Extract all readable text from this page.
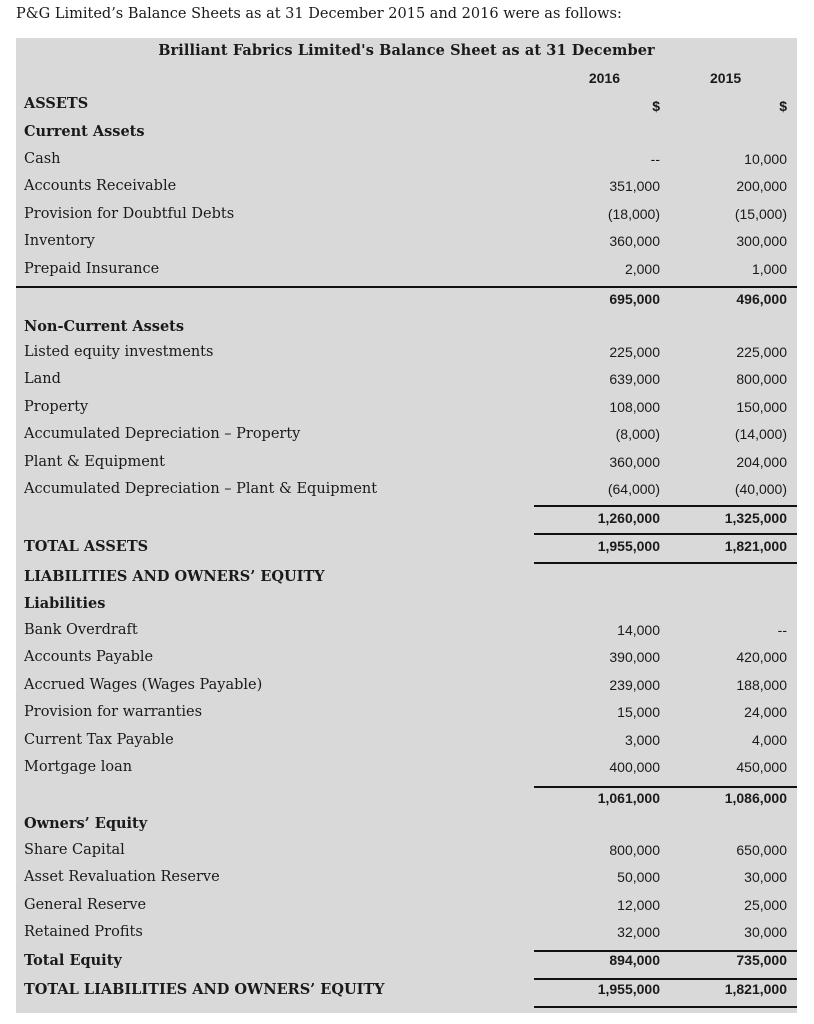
P&G Limited’s Balance Sheets as at 31 December 2015 and 2016 were as follows:

Brilliant Fabrics Limited's Balance Sheet as at 31 December
2016	2015
$	$
ASSETS
Current Assets
Cash	--	10,000
Accounts Receivable	351,000	200,000
Provision for Doubtful Debts	(18,000)	(15,000)
Inventory	360,000	300,000
Prepaid Insurance	2,000	1,000
695,000	496,000
Non-Current Assets
Listed equity investments	225,000	225,000
Land	639,000	800,000
Property	108,000	150,000
Accumulated Depreciation – Property	(8,000)	(14,000)
Plant & Equipment	360,000	204,000
Accumulated Depreciation – Plant & Equipment	(64,000)	(40,000)
1,260,000	1,325,000
TOTAL ASSETS	1,955,000	1,821,000
LIABILITIES AND OWNERS’ EQUITY
Liabilities
Bank Overdraft	14,000	--
Accounts Payable	390,000	420,000
Accrued Wages (Wages Payable)	239,000	188,000
Provision for warranties	15,000	24,000
Current Tax Payable	3,000	4,000
Mortgage loan	400,000	450,000
1,061,000	1,086,000
Owners’ Equity
Share Capital	800,000	650,000
Asset Revaluation Reserve	50,000	30,000
General Reserve	12,000	25,000
Retained Profits	32,000	30,000
Total Equity	894,000	735,000
TOTAL LIABILITIES AND OWNERS’ EQUITY	1,955,000	1,821,000
